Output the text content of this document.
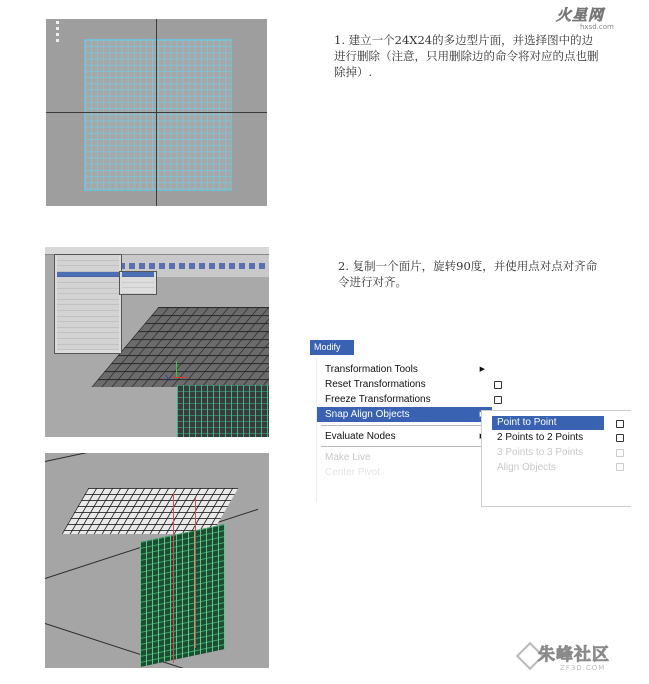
火星网
hxsd.com
1. 建立一个24X24的多边型片面，并选择图中的边进行删除（注意，只用删除边的命令将对应的点也删除掉）.
2. 复制一个面片，旋转90度，并使用点对点对齐命令进行对齐。
Modify
Transformation Tools	▶
Reset Transformations
Freeze Transformations
Snap Align Objects
Evaluate Nodes
Make Live
Center Pivot
Point to Point
2 Points to 2 Points
3 Points to 3 Points
Align Objects
朱峰社区
ZF3D.COM
